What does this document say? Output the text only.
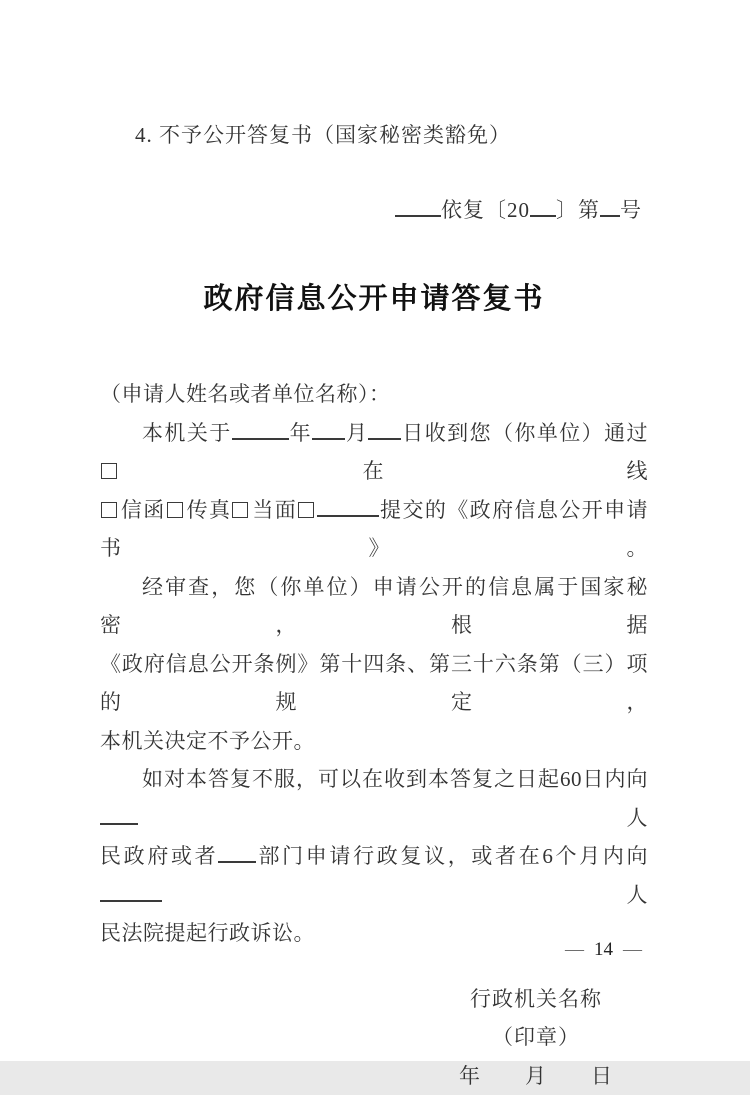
4. 不予公开答复书（国家秘密类豁免）
依复〔20 〕第 号
政府信息公开申请答复书
（申请人姓名或者单位名称）：
本机关于	年 月 日收到您（你单位）通过在线
信函 传真 当面	提交的《政府信息公开申请书》。
经审查，您（你单位）申请公开的信息属于国家秘密，根据
《政府信息公开条例》第十四条、第三十六条第（三）项的规定，
本机关决定不予公开。
如对本答复不服，可以在收到本答复之日起60日内向人
民政府或者 部门申请行政复议，或者在6个月内向人
民法院提起行政诉讼。
行政机关名称
（印章）
年　　月　　日
— 14 —
